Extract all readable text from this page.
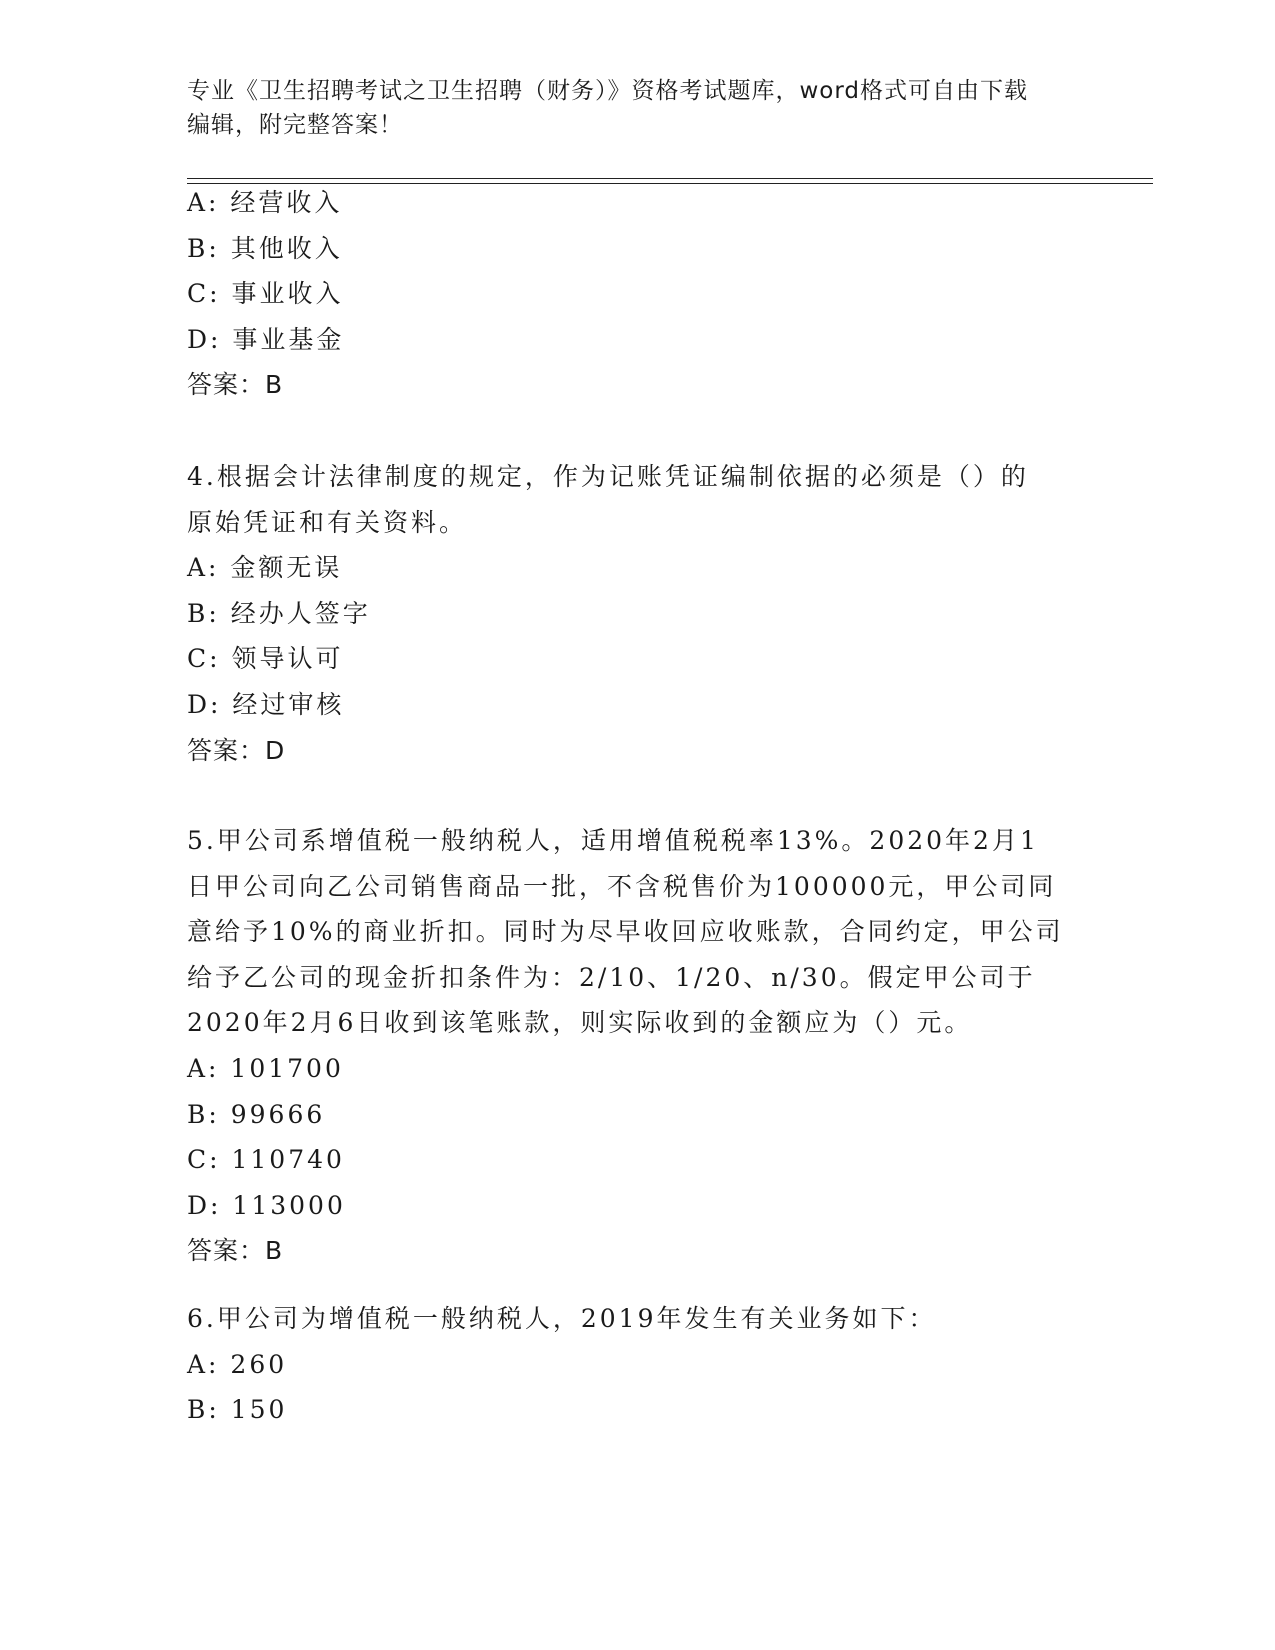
专业《卫生招聘考试之卫生招聘（财务）》资格考试题库，word格式可自由下载
编辑，附完整答案！
A: 经营收入
B: 其他收入
C: 事业收入
D: 事业基金
答案：B
4.根据会计法律制度的规定，作为记账凭证编制依据的必须是（）的
原始凭证和有关资料。
A: 金额无误
B: 经办人签字
C: 领导认可
D: 经过审核
答案：D
5.甲公司系增值税一般纳税人，适用增值税税率13%。2020年2月1
日甲公司向乙公司销售商品一批，不含税售价为100000元，甲公司同
意给予10%的商业折扣。同时为尽早收回应收账款，合同约定，甲公司
给予乙公司的现金折扣条件为：2/10、1/20、n/30。假定甲公司于
2020年2月6日收到该笔账款，则实际收到的金额应为（）元。
A: 101700
B: 99666
C: 110740
D: 113000
答案：B
6.甲公司为增值税一般纳税人，2019年发生有关业务如下：
A: 260
B: 150
